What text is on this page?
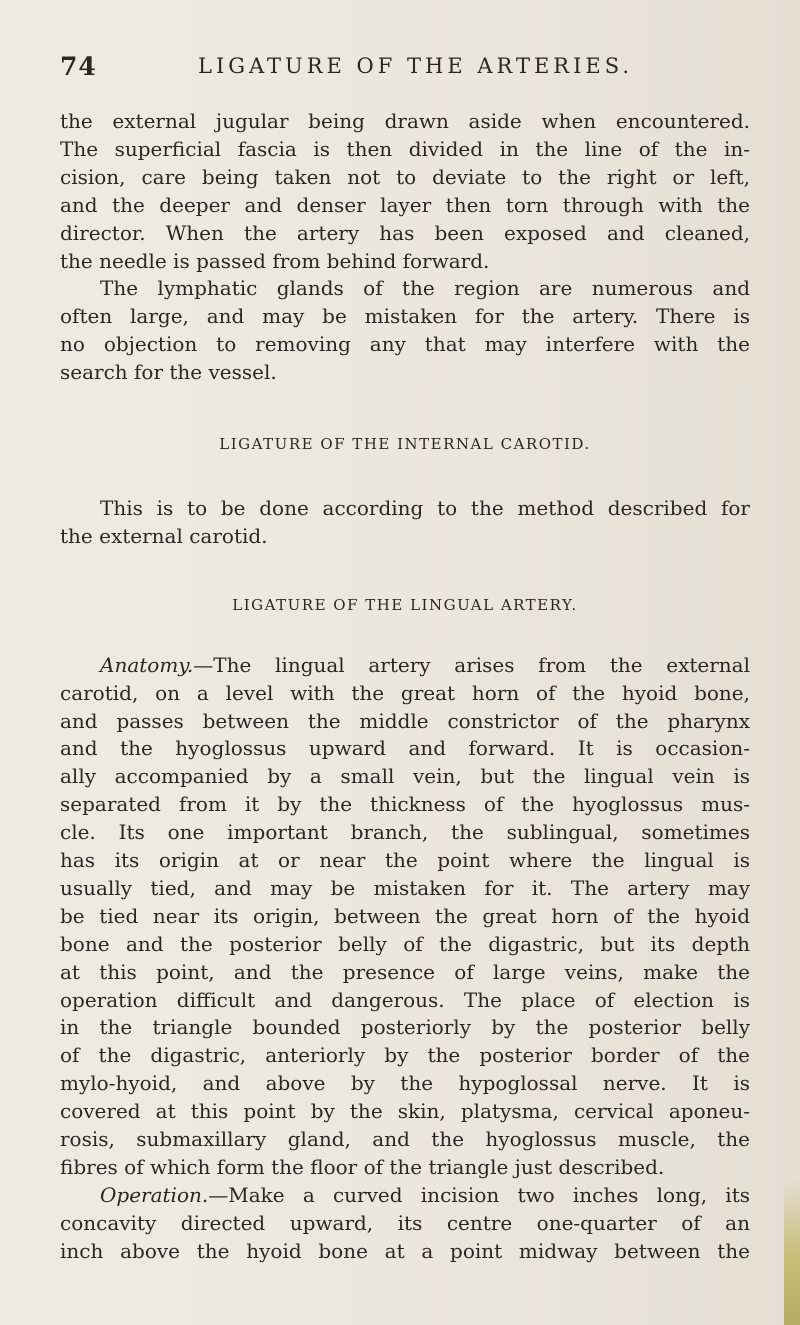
74	LIGATURE OF THE ARTERIES.
the external jugular being drawn aside when encountered.
The superficial fascia is then divided in the line of the in-
cision, care being taken not to deviate to the right or left,
and the deeper and denser layer then torn through with the
director. When the artery has been exposed and cleaned,
the needle is passed from behind forward.
The lymphatic glands of the region are numerous and
often large, and may be mistaken for the artery. There is
no objection to removing any that may interfere with the
search for the vessel.
LIGATURE OF THE INTERNAL CAROTID.
This is to be done according to the method described for
the external carotid.
LIGATURE OF THE LINGUAL ARTERY.
Anatomy.—The lingual artery arises from the external
carotid, on a level with the great horn of the hyoid bone,
and passes between the middle constrictor of the pharynx
and the hyoglossus upward and forward. It is occasion-
ally accompanied by a small vein, but the lingual vein is
separated from it by the thickness of the hyoglossus mus-
cle. Its one important branch, the sublingual, sometimes
has its origin at or near the point where the lingual is
usually tied, and may be mistaken for it. The artery may
be tied near its origin, between the great horn of the hyoid
bone and the posterior belly of the digastric, but its depth
at this point, and the presence of large veins, make the
operation difficult and dangerous. The place of election is
in the triangle bounded posteriorly by the posterior belly
of the digastric, anteriorly by the posterior border of the
mylo-hyoid, and above by the hypoglossal nerve. It is
covered at this point by the skin, platysma, cervical aponeu-
rosis, submaxillary gland, and the hyoglossus muscle, the
fibres of which form the floor of the triangle just described.
Operation.—Make a curved incision two inches long, its
concavity directed upward, its centre one-quarter of an
inch above the hyoid bone at a point midway between the
